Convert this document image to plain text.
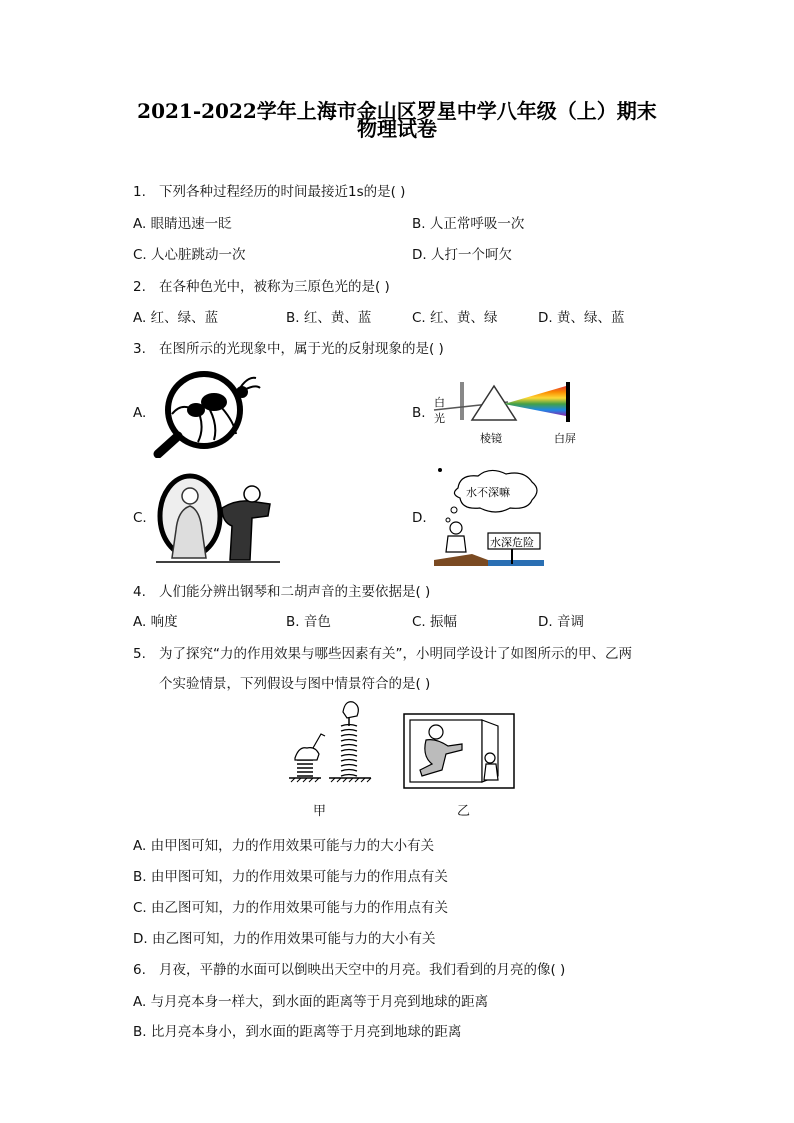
2021-2022学年上海市金山区罗星中学八年级（上）期末
物理试卷
1. 下列各种过程经历的时间最接近1s的是( )
A. 眼睛迅速一眨	B. 人正常呼吸一次
C. 人心脏跳动一次	D. 人打一个呵欠
2. 在各种色光中，被称为三原色光的是( )
A. 红、绿、蓝	B. 红、黄、蓝	C. 红、黄、绿	D. 黄、绿、蓝
3. 在图所示的光现象中，属于光的反射现象的是( )
A.	B.
白
光
棱镜	白屏
C.	D.
水不深嘛
水深危险
4. 人们能分辨出钢琴和二胡声音的主要依据是( )
A. 响度	B. 音色	C. 振幅	D. 音调
5. 为了探究“力的作用效果与哪些因素有关”，小明同学设计了如图所示的甲、乙两
个实验情景，下列假设与图中情景符合的是( )
甲	乙
A. 由甲图可知，力的作用效果可能与力的大小有关
B. 由甲图可知，力的作用效果可能与力的作用点有关
C. 由乙图可知，力的作用效果可能与力的作用点有关
D. 由乙图可知，力的作用效果可能与力的大小有关
6. 月夜，平静的水面可以倒映出天空中的月亮。我们看到的月亮的像( )
A. 与月亮本身一样大，到水面的距离等于月亮到地球的距离
B. 比月亮本身小，到水面的距离等于月亮到地球的距离
